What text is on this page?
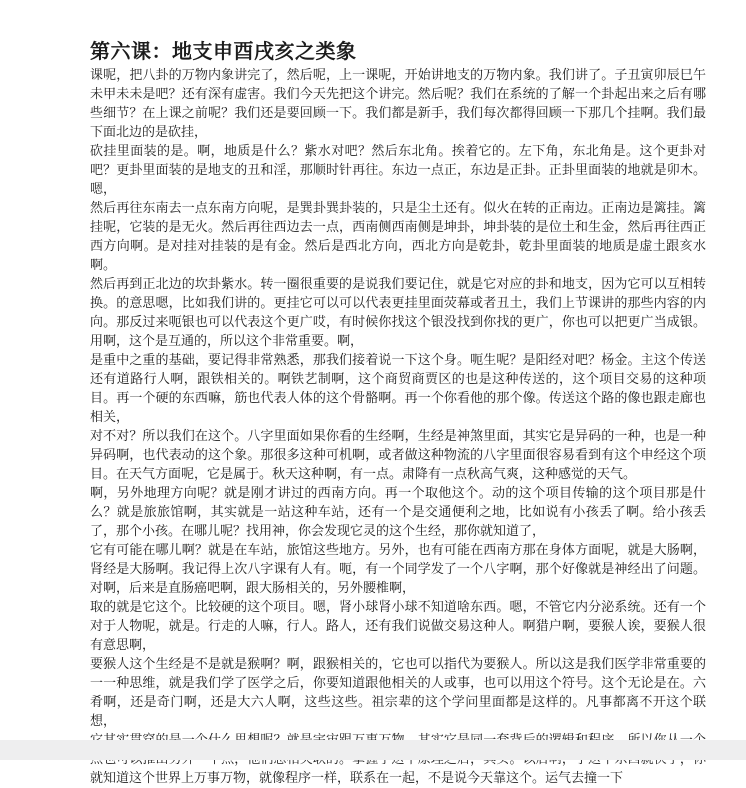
第六课：地支申酉戌亥之类象

课呢，把八卦的万物内象讲完了，然后呢，上一课呢，开始讲地支的万物内象。我们讲了。子丑寅卯辰巳午未甲未未是吧？还有深有虚害。我们今天先把这个讲完。然后呢？我们在系统的了解一个卦起出来之后有哪些细节？在上课之前呢？我们还是要回顾一下。我们都是新手，我们每次都得回顾一下那几个挂啊。我们最下面北边的是砍挂，

砍挂里面装的是。啊，地质是什么？紫水对吧？然后东北角。挨着它的。左下角，东北角是。这个更卦对吧？更卦里面装的是地支的丑和淫，那顺时针再往。东边一点正，东边是正卦。正卦里面装的地就是卯木。嗯，

然后再往东南去一点东南方向呢，是巽卦巽卦装的，只是尘土还有。似火在转的正南边。正南边是篱挂。篱挂呢，它装的是无火。然后再往西边去一点，西南侧西南侧是坤卦，坤卦装的是位土和生金，然后再往西正西方向啊。是对挂对挂装的是有金。然后是西北方向，西北方向是乾卦，乾卦里面装的地质是虚土跟亥水啊。

然后再到正北边的坎卦紫水。转一圈很重要的是说我们要记住，就是它对应的卦和地支，因为它可以互相转换。的意思嗯，比如我们讲的。更挂它可以可以代表更挂里面荧幕或者丑土，我们上节课讲的那些内容的内向。那反过来呃银也可以代表这个更广哎，有时候你找这个银没找到你找的更广，你也可以把更广当成银。用啊，这个是互通的，所以这个非常重要。啊，

是重中之重的基础，要记得非常熟悉，那我们接着说一下这个身。呃生呢？是阳经对吧？杨金。主这个传送还有道路行人啊，跟铁相关的。啊铁艺制啊，这个商贸商贾区的也是这种传送的，这个项目交易的这种项目。再一个硬的东西嘛，筋也代表人体的这个骨骼啊。再一个你看他的那个像。传送这个路的像也跟走廊也相关，

对不对？所以我们在这个。八字里面如果你看的生经啊，生经是神煞里面，其实它是异码的一种，也是一种异码啊，也代表动的这个象。那很多这种可机啊，或者做这种物流的八字里面很容易看到有这个申经这个项目。在天气方面呢，它是属于。秋天这种啊，有一点。肃降有一点秋高气爽，这种感觉的天气。

啊，另外地理方向呢？就是刚才讲过的西南方向。再一个取他这个。动的这个项目传输的这个项目那是什么？就是旅旅馆啊，其实就是一站这种车站，还有一个是交通便利之地，比如说有小孩丢了啊。给小孩丢了，那个小孩。在哪儿呢？找用神，你会发现它灵的这个生经，那你就知道了，

它有可能在哪儿啊？就是在车站，旅馆这些地方。另外，也有可能在西南方那在身体方面呢，就是大肠啊，肾经是大肠啊。我记得上次八字课有人有。呃，有一个同学发了一个八字啊，那个好像就是神经出了问题。对啊，后来是直肠癌吧啊，跟大肠相关的，另外腰椎啊，

取的就是它这个。比较硬的这个项目。嗯，肾小球肾小球不知道啥东西。嗯，不管它内分泌系统。还有一个对于人物呢，就是。行走的人嘛，行人。路人，还有我们说做交易这种人。啊猎户啊，要猴人诶，要猴人很有意思啊，

要猴人这个生经是不是就是猴啊？啊，跟猴相关的，它也可以指代为要猴人。所以这是我们医学非常重要的一一种思维，就是我们学了医学之后，你要知道跟他相关的人或事，也可以用这个符号。这个无论是在。六肴啊，还是奇门啊，还是大六人啊，这些这些。祖宗辈的这个学问里面都是这样的。凡事都离不开这个联想，

就知道这个世界上万事万物，就像程序一样，联系在一起，不是说今天靠这个。运气去撞一下
